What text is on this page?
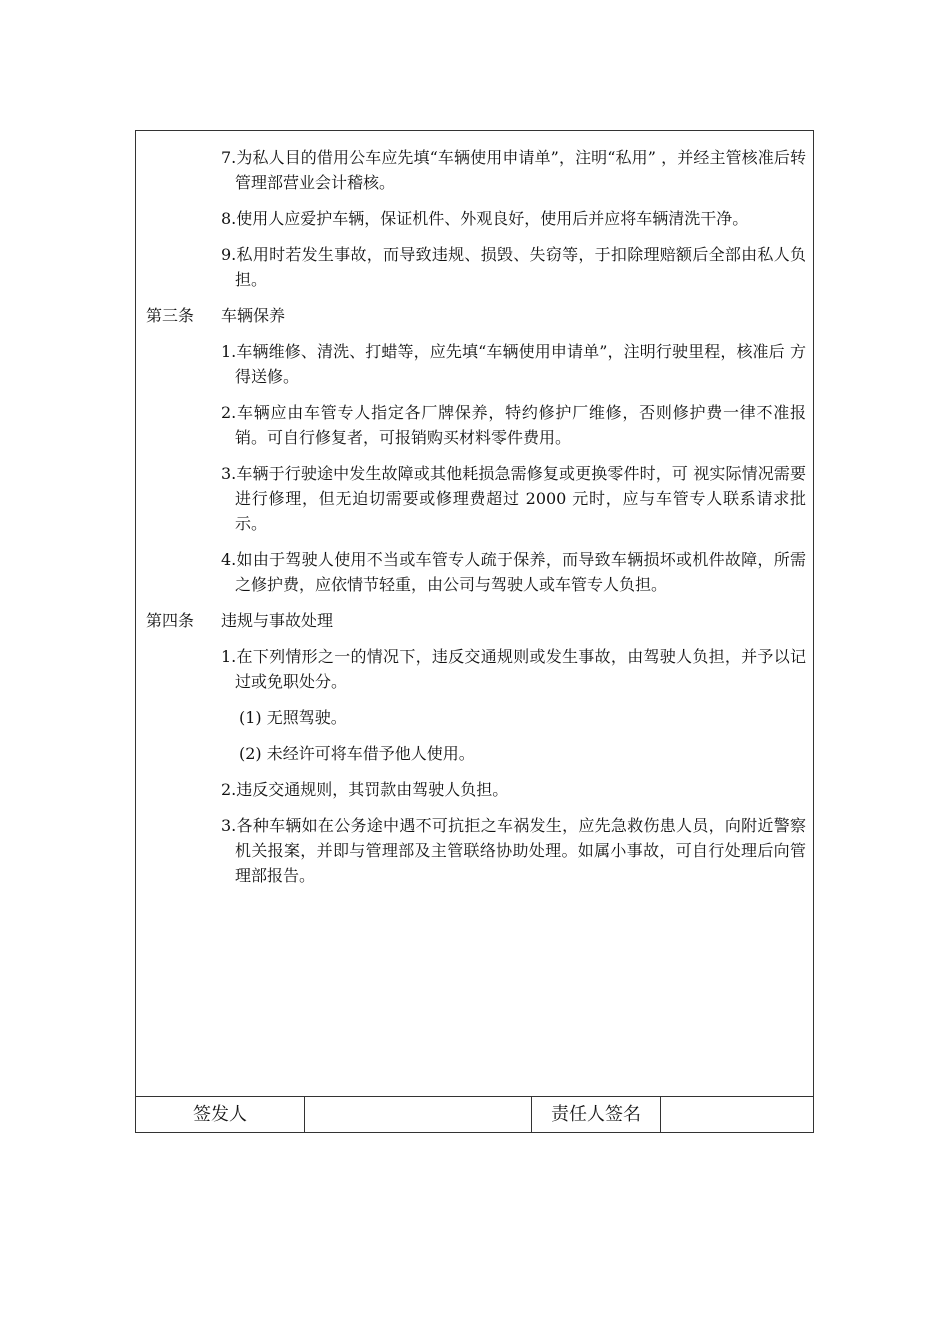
7.为私人目的借用公车应先填“车辆使用申请单”，注明“私用” ，并经主管核准后转管理部营业会计稽核。
8.使用人应爱护车辆，保证机件、外观良好，使用后并应将车辆清洗干净。
9.私用时若发生事故，而导致违规、损毁、失窃等，于扣除理赔额后全部由私人负担。
第三条 车辆保养
1.车辆维修、清洗、打蜡等，应先填“车辆使用申请单”，注明行驶里程，核准后 方得送修。
2.车辆应由车管专人指定各厂牌保养，特约修护厂维修，否则修护费一律不准报销。可自行修复者，可报销购买材料零件费用。
3.车辆于行驶途中发生故障或其他耗损急需修复或更换零件时，可 视实际情况需要进行修理，但无迫切需要或修理费超过 2000 元时，应与车管专人联系请求批示。
4.如由于驾驶人使用不当或车管专人疏于保养，而导致车辆损坏或机件故障，所需之修护费，应依情节轻重，由公司与驾驶人或车管专人负担。
第四条 违规与事故处理
1.在下列情形之一的情况下，违反交通规则或发生事故，由驾驶人负担，并予以记过或免职处分。
(1) 无照驾驶。
(2) 未经许可将车借予他人使用。
2.违反交通规则，其罚款由驾驶人负担。
3.各种车辆如在公务途中遇不可抗拒之车祸发生，应先急救伤患人员，向附近警察机关报案，并即与管理部及主管联络协助处理。如属小事故，可自行处理后向管理部报告。
签发人	责任人签名
